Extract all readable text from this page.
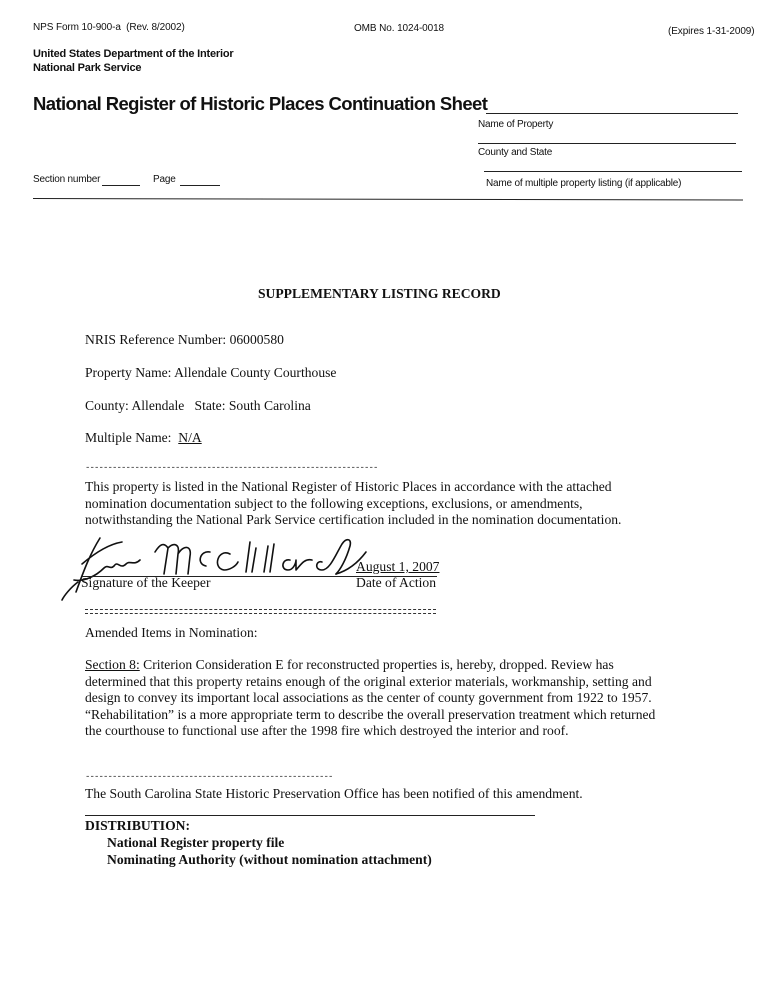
NPS Form 10-900-a (Rev. 8/2002)	OMB No. 1024-0018	(Expires 1-31-2009)
United States Department of the Interior
National Park Service
National Register of Historic Places Continuation Sheet
Name of Property
County and State
Name of multiple property listing (if applicable)
Section number	Page
SUPPLEMENTARY LISTING RECORD
NRIS Reference Number: 06000580
Property Name: Allendale County Courthouse
County: Allendale State: South Carolina
Multiple Name: N/A
-----------------------------------------------------------------
This property is listed in the National Register of Historic Places in accordance with the attached
nomination documentation subject to the following exceptions, exclusions, or amendments,
notwithstanding the National Park Service certification included in the nomination documentation.
August 1, 2007
Signature of the Keeper	Date of Action
Amended Items in Nomination:
Section 8: Criterion Consideration E for reconstructed properties is, hereby, dropped. Review has
determined that this property retains enough of the original exterior materials, workmanship, setting and
design to convey its important local associations as the center of county government from 1922 to 1957.
“Rehabilitation” is a more appropriate term to describe the overall preservation treatment which returned
the courthouse to functional use after the 1998 fire which destroyed the interior and roof.
-------------------------------------------------------
The South Carolina State Historic Preservation Office has been notified of this amendment.
DISTRIBUTION:
National Register property file
Nominating Authority (without nomination attachment)
